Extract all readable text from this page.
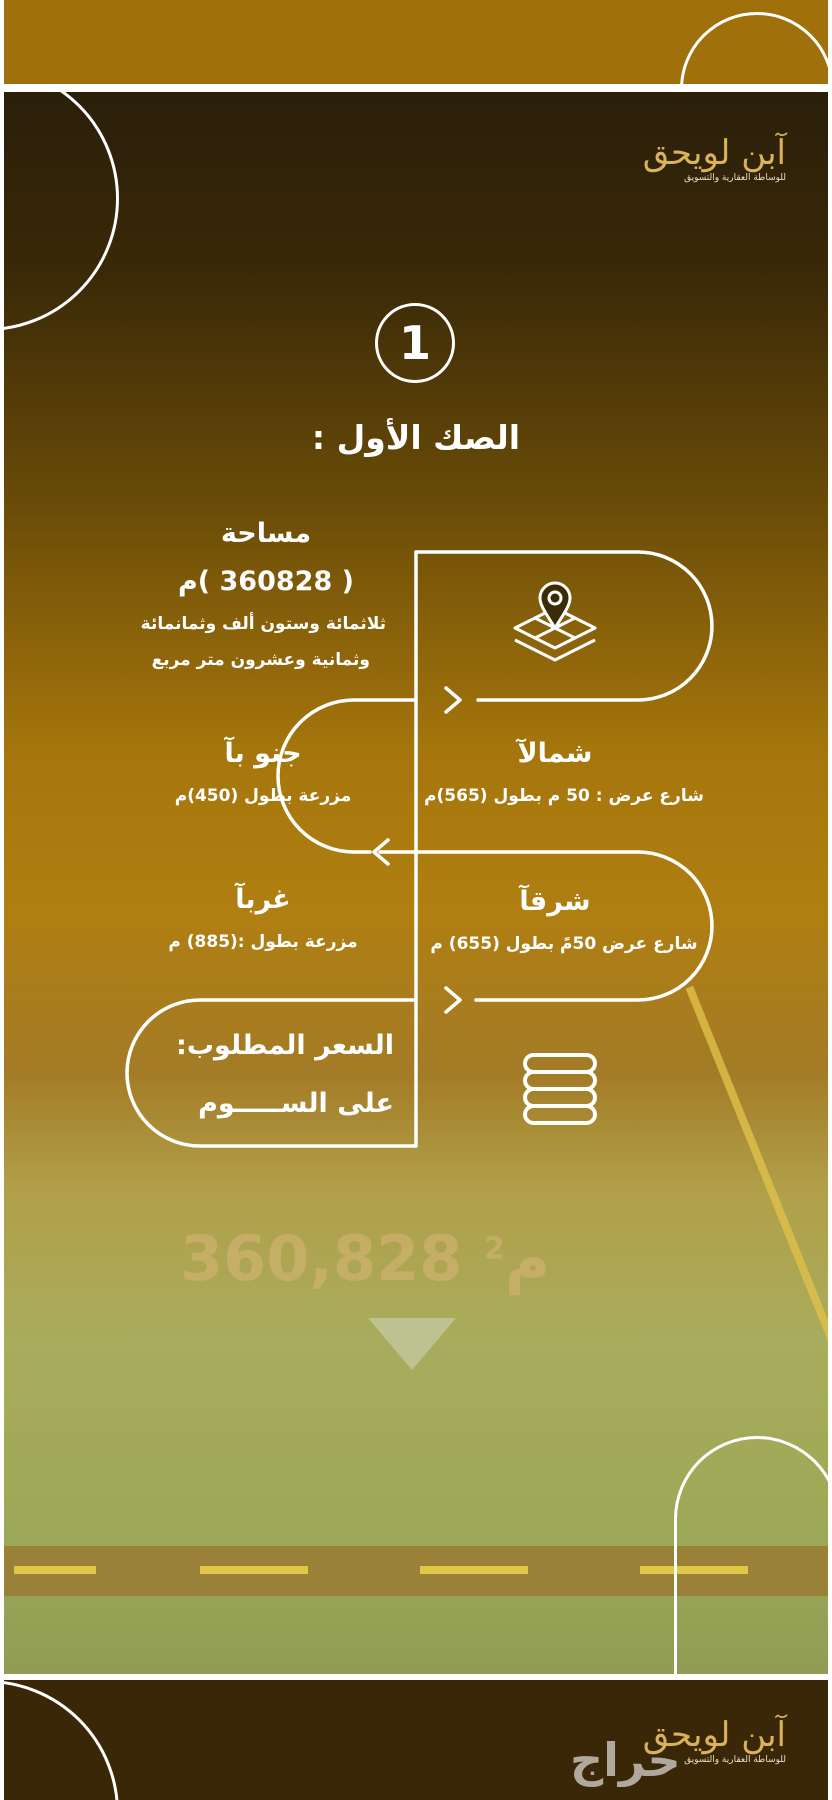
آبن لويحق
للوساطة العقارية والتسويق
1
الصك الأول :
مساحة
( 360828 )م
ثلاثمائة وستون ألف وثمانمائة
وثمانية وعشرون متر مربع
شمالآ
شارع عرض : 50 م بطول (565)م
جنو بآ
مزرعة بطول (450)م
شرقآ
شارع عرض 50مً بطول (655) م
غربآ
مزرعة بطول :(885) م
السعر المطلوب:
على الســـــوم
360,828 م$^2$
آبن لويحق
للوساطة العقارية والتسويق
حراج
